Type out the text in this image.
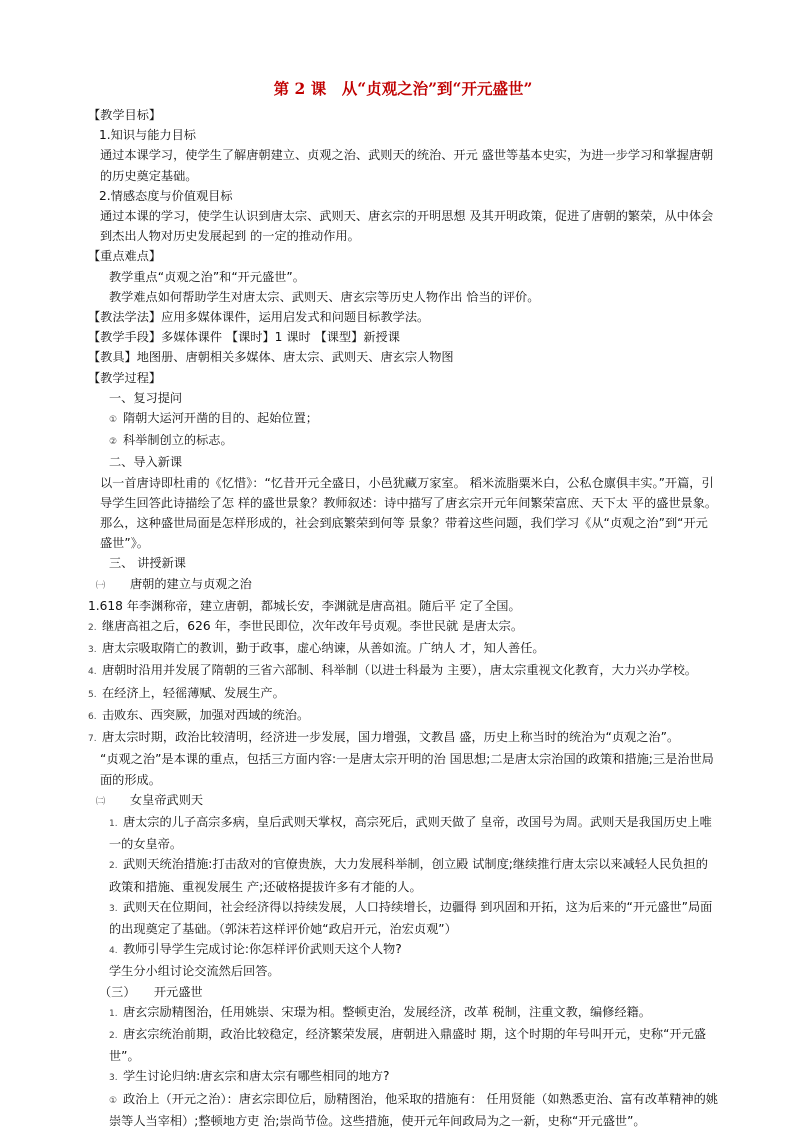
第 2 课　从“贞观之治”到“开元盛世”
【教学目标】
1.知识与能力目标
通过本课学习，使学生了解唐朝建立、贞观之治、武则天的统治、开元 盛世等基本史实，为进一步学习和掌握唐朝的历史奠定基础。
2.情感态度与价值观目标
通过本课的学习，使学生认识到唐太宗、武则天、唐玄宗的开明思想 及其开明政策，促进了唐朝的繁荣，从中体会到杰出人物对历史发展起到 的一定的推动作用。
【重点难点】
教学重点“贞观之治”和“开元盛世”。
教学难点如何帮助学生对唐太宗、武则天、唐玄宗等历史人物作出 恰当的评价。
【教法学法】应用多媒体课件，运用启发式和问题目标教学法。
【教学手段】多媒体课件 【课时】1 课时 【课型】新授课
【教具】地图册、唐朝相关多媒体、唐太宗、武则天、唐玄宗人物图
【教学过程】
一、复习提问
① 隋朝大运河开凿的目的、起始位置；
② 科举制创立的标志。
二、导入新课
以一首唐诗即杜甫的《忆惜》：“忆昔开元全盛日，小邑犹藏万家室。 稻米流脂粟米白，公私仓廪俱丰实。”开篇，引导学生回答此诗描绘了怎 样的盛世景象？教师叙述：诗中描写了唐玄宗开元年间繁荣富庶、天下太 平的盛世景象。那么，这种盛世局面是怎样形成的，社会到底繁荣到何等 景象？带着这些问题，我们学习《从“贞观之治”到“开元盛世”》。
三、 讲授新课
㈠ 唐朝的建立与贞观之治
1.618 年李渊称帝，建立唐朝，都城长安，李渊就是唐高祖。随后平 定了全国。
2. 继唐高祖之后，626 年，李世民即位，次年改年号贞观。李世民就 是唐太宗。
3. 唐太宗吸取隋亡的教训，勤于政事，虚心纳谏，从善如流。广纳人 才，知人善任。
4. 唐朝时沿用并发展了隋朝的三省六部制、科举制（以进士科最为 主要），唐太宗重视文化教育，大力兴办学校。
5. 在经济上，轻徭薄赋、发展生产。
6. 击败东、西突厥，加强对西域的统治。
7. 唐太宗时期，政治比较清明，经济进一步发展，国力增强，文教昌 盛，历史上称当时的统治为“贞观之治”。
“贞观之治”是本课的重点，包括三方面内容:一是唐太宗开明的治 国思想;二是唐太宗治国的政策和措施;三是治世局面的形成。
㈡ 女皇帝武则天
1. 唐太宗的儿子高宗多病，皇后武则天掌权，高宗死后，武则天做了 皇帝，改国号为周。武则天是我国历史上唯一的女皇帝。
2. 武则天统治措施:打击敌对的官僚贵族，大力发展科举制，创立殿 试制度;继续推行唐太宗以来减轻人民负担的政策和措施、重视发展生 产;还破格提拔许多有才能的人。
3. 武则天在位期间，社会经济得以持续发展，人口持续增长，边疆得 到巩固和开拓，这为后来的“开元盛世”局面的出现奠定了基础。（郭沫若这样评价她“政启开元，治宏贞观”）
4. 教师引导学生完成讨论:你怎样评价武则天这个人物?
学生分小组讨论交流然后回答。
（三）　　开元盛世
1. 唐玄宗励精图治，任用姚崇、宋璟为相。整顿吏治，发展经济，改革 税制，注重文教，编修经籍。
2. 唐玄宗统治前期，政治比较稳定，经济繁荣发展，唐朝进入鼎盛时 期，这个时期的年号叫开元，史称“开元盛世”。
3. 学生讨论归纳:唐玄宗和唐太宗有哪些相同的地方?
① 政治上（开元之治）：唐玄宗即位后，励精图治，他采取的措施有： 任用贤能（如熟悉吏治、富有改革精神的姚崇等人当宰相）;整顿地方吏 治;崇尚节俭。这些措施，使开元年间政局为之一新，史称“开元盛世”。
